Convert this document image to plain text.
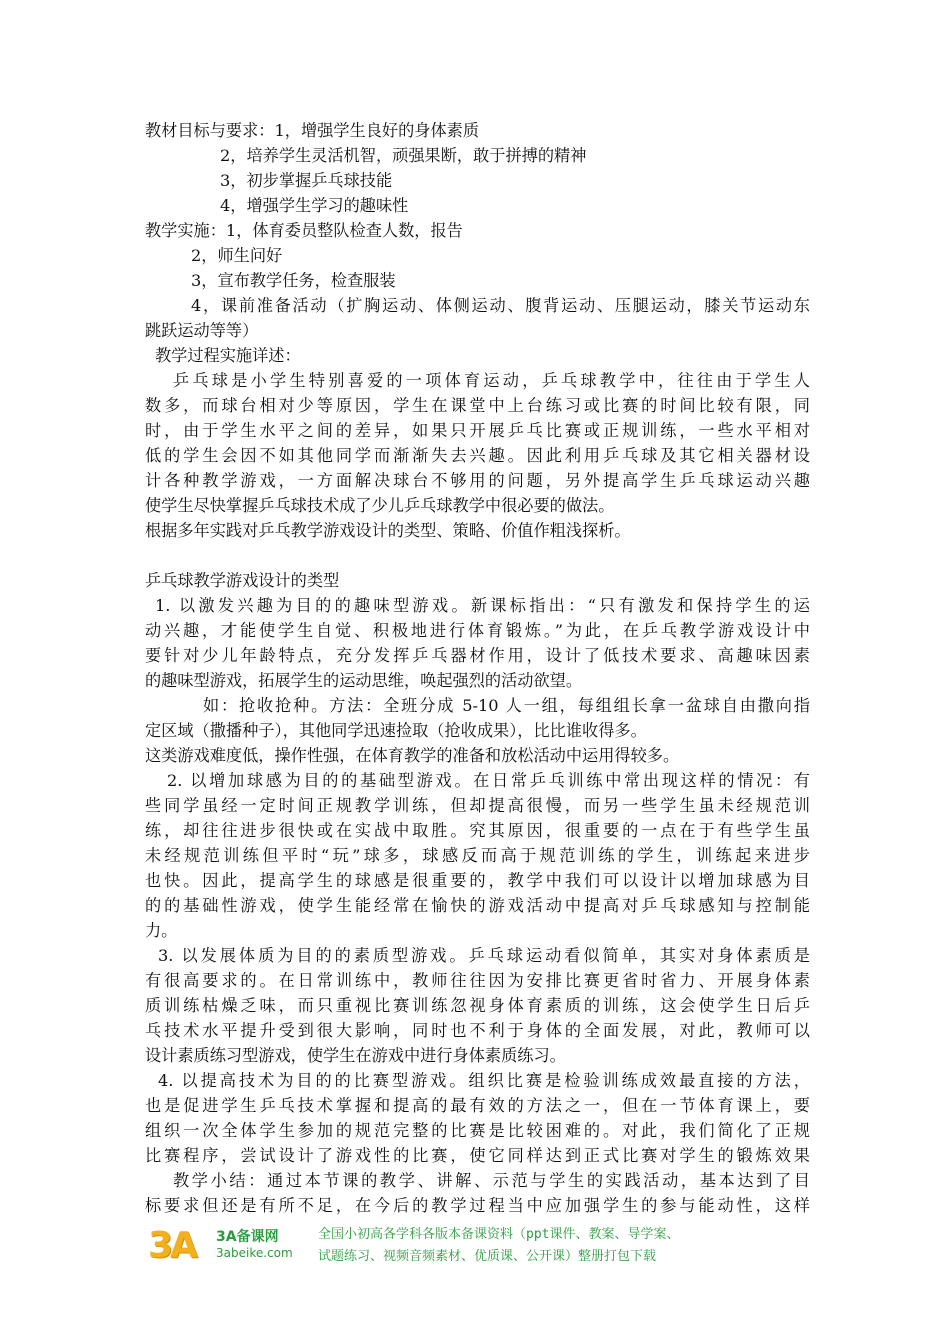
教材目标与要求：1，增强学生良好的身体素质
2，培养学生灵活机智，顽强果断，敢于拼搏的精神
3，初步掌握乒乓球技能
4，增强学生学习的趣味性
教学实施：1，体育委员整队检查人数，报告
2，师生问好
3，宣布教学任务，检查服装
4，课前准备活动（扩胸运动、体侧运动、腹背运动、压腿运动，膝关节运动东
跳跃运动等等）
教学过程实施详述：
乒乓球是小学生特别喜爱的一项体育运动，乒乓球教学中，往往由于学生人
数多，而球台相对少等原因，学生在课堂中上台练习或比赛的时间比较有限，同
时，由于学生水平之间的差异，如果只开展乒乓比赛或正规训练，一些水平相对
低的学生会因不如其他同学而渐渐失去兴趣。因此利用乒乓球及其它相关器材设
计各种教学游戏，一方面解决球台不够用的问题，另外提高学生乒乓球运动兴趣
使学生尽快掌握乒乓球技术成了少儿乒乓球教学中很必要的做法。
根据多年实践对乒乓教学游戏设计的类型、策略、价值作粗浅探析。
乒乓球教学游戏设计的类型
1. 以激发兴趣为目的的趣味型游戏。新课标指出：“只有激发和保持学生的运
动兴趣，才能使学生自觉、积极地进行体育锻炼。”为此，在乒乓教学游戏设计中
要针对少儿年龄特点，充分发挥乒乓器材作用，设计了低技术要求、高趣味因素
的趣味型游戏，拓展学生的运动思维，唤起强烈的活动欲望。
如：抢收抢种。方法：全班分成 5-10 人一组，每组组长拿一盆球自由撒向指
定区域（撒播种子），其他同学迅速捡取（抢收成果），比比谁收得多。
这类游戏难度低，操作性强，在体育教学的准备和放松活动中运用得较多。
2. 以增加球感为目的的基础型游戏。在日常乒乓训练中常出现这样的情况：有
些同学虽经一定时间正规教学训练，但却提高很慢，而另一些学生虽未经规范训
练，却往往进步很快或在实战中取胜。究其原因，很重要的一点在于有些学生虽
未经规范训练但平时“玩”球多，球感反而高于规范训练的学生，训练起来进步
也快。因此，提高学生的球感是很重要的，教学中我们可以设计以增加球感为目
的的基础性游戏，使学生能经常在愉快的游戏活动中提高对乒乓球感知与控制能
力。
3. 以发展体质为目的的素质型游戏。乒乓球运动看似简单，其实对身体素质是
有很高要求的。在日常训练中，教师往往因为安排比赛更省时省力、开展身体素
质训练枯燥乏味，而只重视比赛训练忽视身体育素质的训练，这会使学生日后乒
乓技术水平提升受到很大影响，同时也不利于身体的全面发展，对此，教师可以
设计素质练习型游戏，使学生在游戏中进行身体素质练习。
4. 以提高技术为目的的比赛型游戏。组织比赛是检验训练成效最直接的方法，
也是促进学生乒乓技术掌握和提高的最有效的方法之一，但在一节体育课上，要
组织一次全体学生参加的规范完整的比赛是比较困难的。对此，我们简化了正规
比赛程序，尝试设计了游戏性的比赛，使它同样达到正式比赛对学生的锻炼效果
教学小结：通过本节课的教学、讲解、示范与学生的实践活动，基本达到了目
标要求但还是有所不足，在今后的教学过程当中应加强学生的参与能动性，这样
3A 3A备课网
3abeike.com
全国小初高各学科各版本备课资料（ppt课件、教案、导学案、
试题练习、视频音频素材、优质课、公开课）整册打包下载
